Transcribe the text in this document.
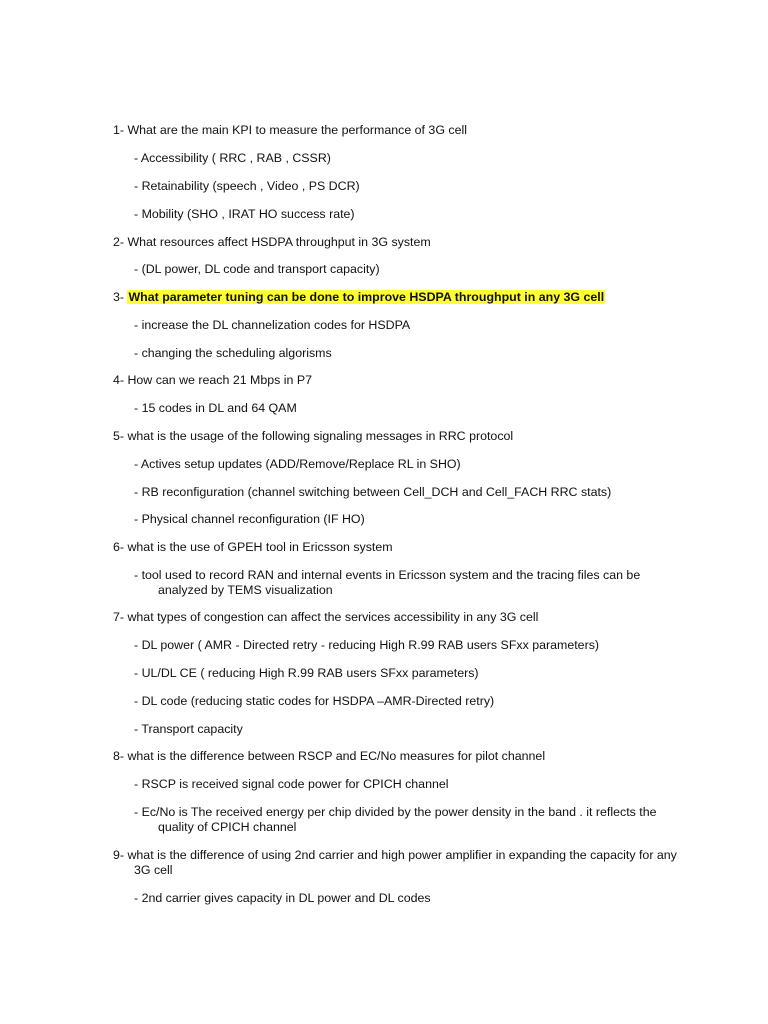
1- What are the main KPI to measure the performance of 3G cell
- Accessibility ( RRC , RAB , CSSR)
- Retainability (speech , Video , PS DCR)
- Mobility (SHO , IRAT HO success rate)
2- What resources affect HSDPA throughput in 3G system
- (DL power, DL code and transport capacity)
3- What parameter tuning can be done to improve HSDPA throughput in any 3G cell
- increase the DL channelization codes for HSDPA
- changing the scheduling algorisms
4- How can we reach 21 Mbps in P7
- 15 codes in DL and 64 QAM
5- what is the usage of the following signaling messages in RRC protocol
- Actives setup updates (ADD/Remove/Replace RL in SHO)
- RB reconfiguration (channel switching between Cell_DCH and Cell_FACH RRC stats)
- Physical channel reconfiguration (IF HO)
6- what is the use of GPEH tool in Ericsson system
- tool used to record RAN and internal events in Ericsson system and the tracing files can be
analyzed by TEMS visualization
7- what types of congestion can affect the services accessibility in any 3G cell
- DL power ( AMR - Directed retry - reducing High R.99 RAB users SFxx parameters)
- UL/DL CE ( reducing High R.99 RAB users SFxx parameters)
- DL code (reducing static codes for HSDPA –AMR-Directed retry)
- Transport capacity
8- what is the difference between RSCP and EC/No measures for pilot channel
- RSCP is received signal code power for CPICH channel
- Ec/No is The received energy per chip divided by the power density in the band . it reflects the
quality of CPICH channel
9- what is the difference of using 2nd carrier and high power amplifier in expanding the capacity for any
3G cell
- 2nd carrier gives capacity in DL power and DL codes
